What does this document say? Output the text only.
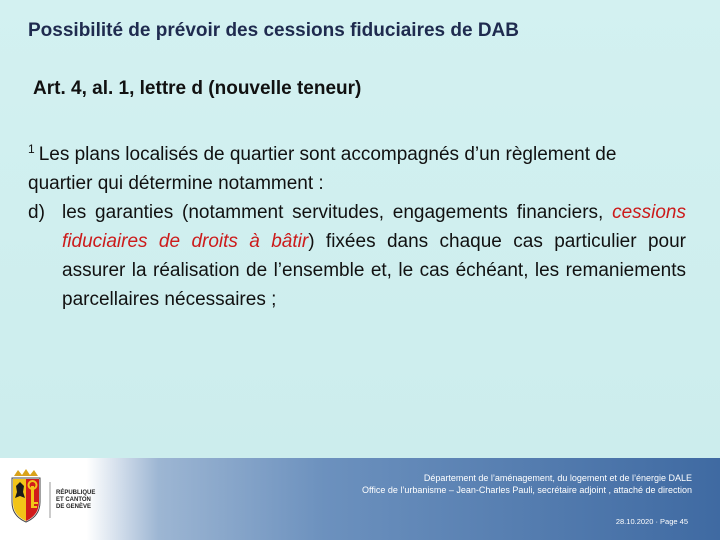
Possibilité de prévoir des cessions fiduciaires de DAB
Art. 4, al. 1, lettre d (nouvelle teneur)

$^1$ Les plans localisés de quartier sont accompagnés d’un règlement de quartier qui détermine notamment :

d) les garanties (notamment servitudes, engagements financiers, cessions fiduciaires de droits à bâtir) fixées dans chaque cas particulier pour assurer la réalisation de l’ensemble et, le cas échéant, les remaniements parcellaires nécessaires ;
RÉPUBLIQUE
ET CANTON
DE GENÈVE
Département de l’aménagement, du logement et de l’énergie DALE
Office de l’urbanisme – Jean-Charles Pauli, secrétaire adjoint , attaché de direction
28.10.2020 · Page 45
